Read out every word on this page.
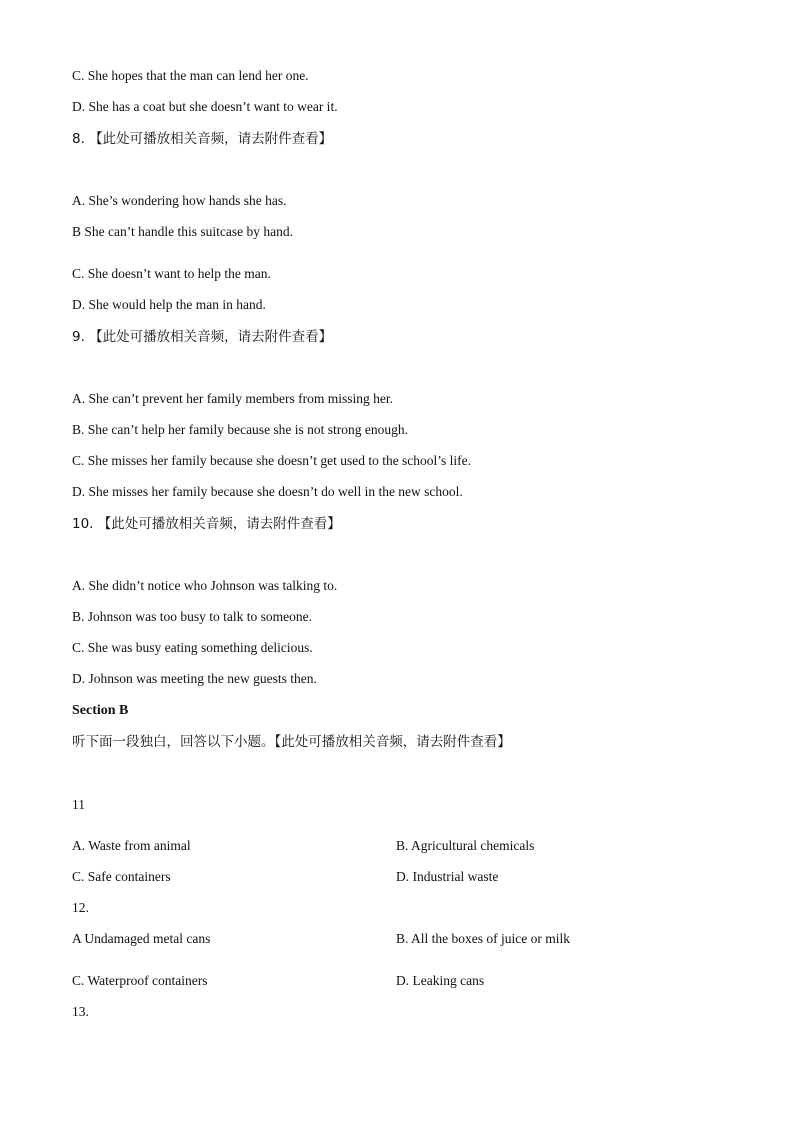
C. She hopes that the man can lend her one.
D. She has a coat but she doesn’t want to wear it.
8. 【此处可播放相关音频，请去附件查看】
A. She’s wondering how hands she has.
B She can’t handle this suitcase by hand.
C. She doesn’t want to help the man.
D. She would help the man in hand.
9. 【此处可播放相关音频，请去附件查看】
A. She can’t prevent her family members from missing her.
B. She can’t help her family because she is not strong enough.
C. She misses her family because she doesn’t get used to the school’s life.
D. She misses her family because she doesn’t do well in the new school.
10. 【此处可播放相关音频，请去附件查看】
A. She didn’t notice who Johnson was talking to.
B. Johnson was too busy to talk to someone.
C. She was busy eating something delicious.
D. Johnson was meeting the new guests then.
Section B
听下面一段独白，回答以下小题。【此处可播放相关音频，请去附件查看】
11
A. Waste from animal	B. Agricultural chemicals
C. Safe containers	D. Industrial waste
12.
A Undamaged metal cans	B. All the boxes of juice or milk
C. Waterproof containers	D. Leaking cans
13.
